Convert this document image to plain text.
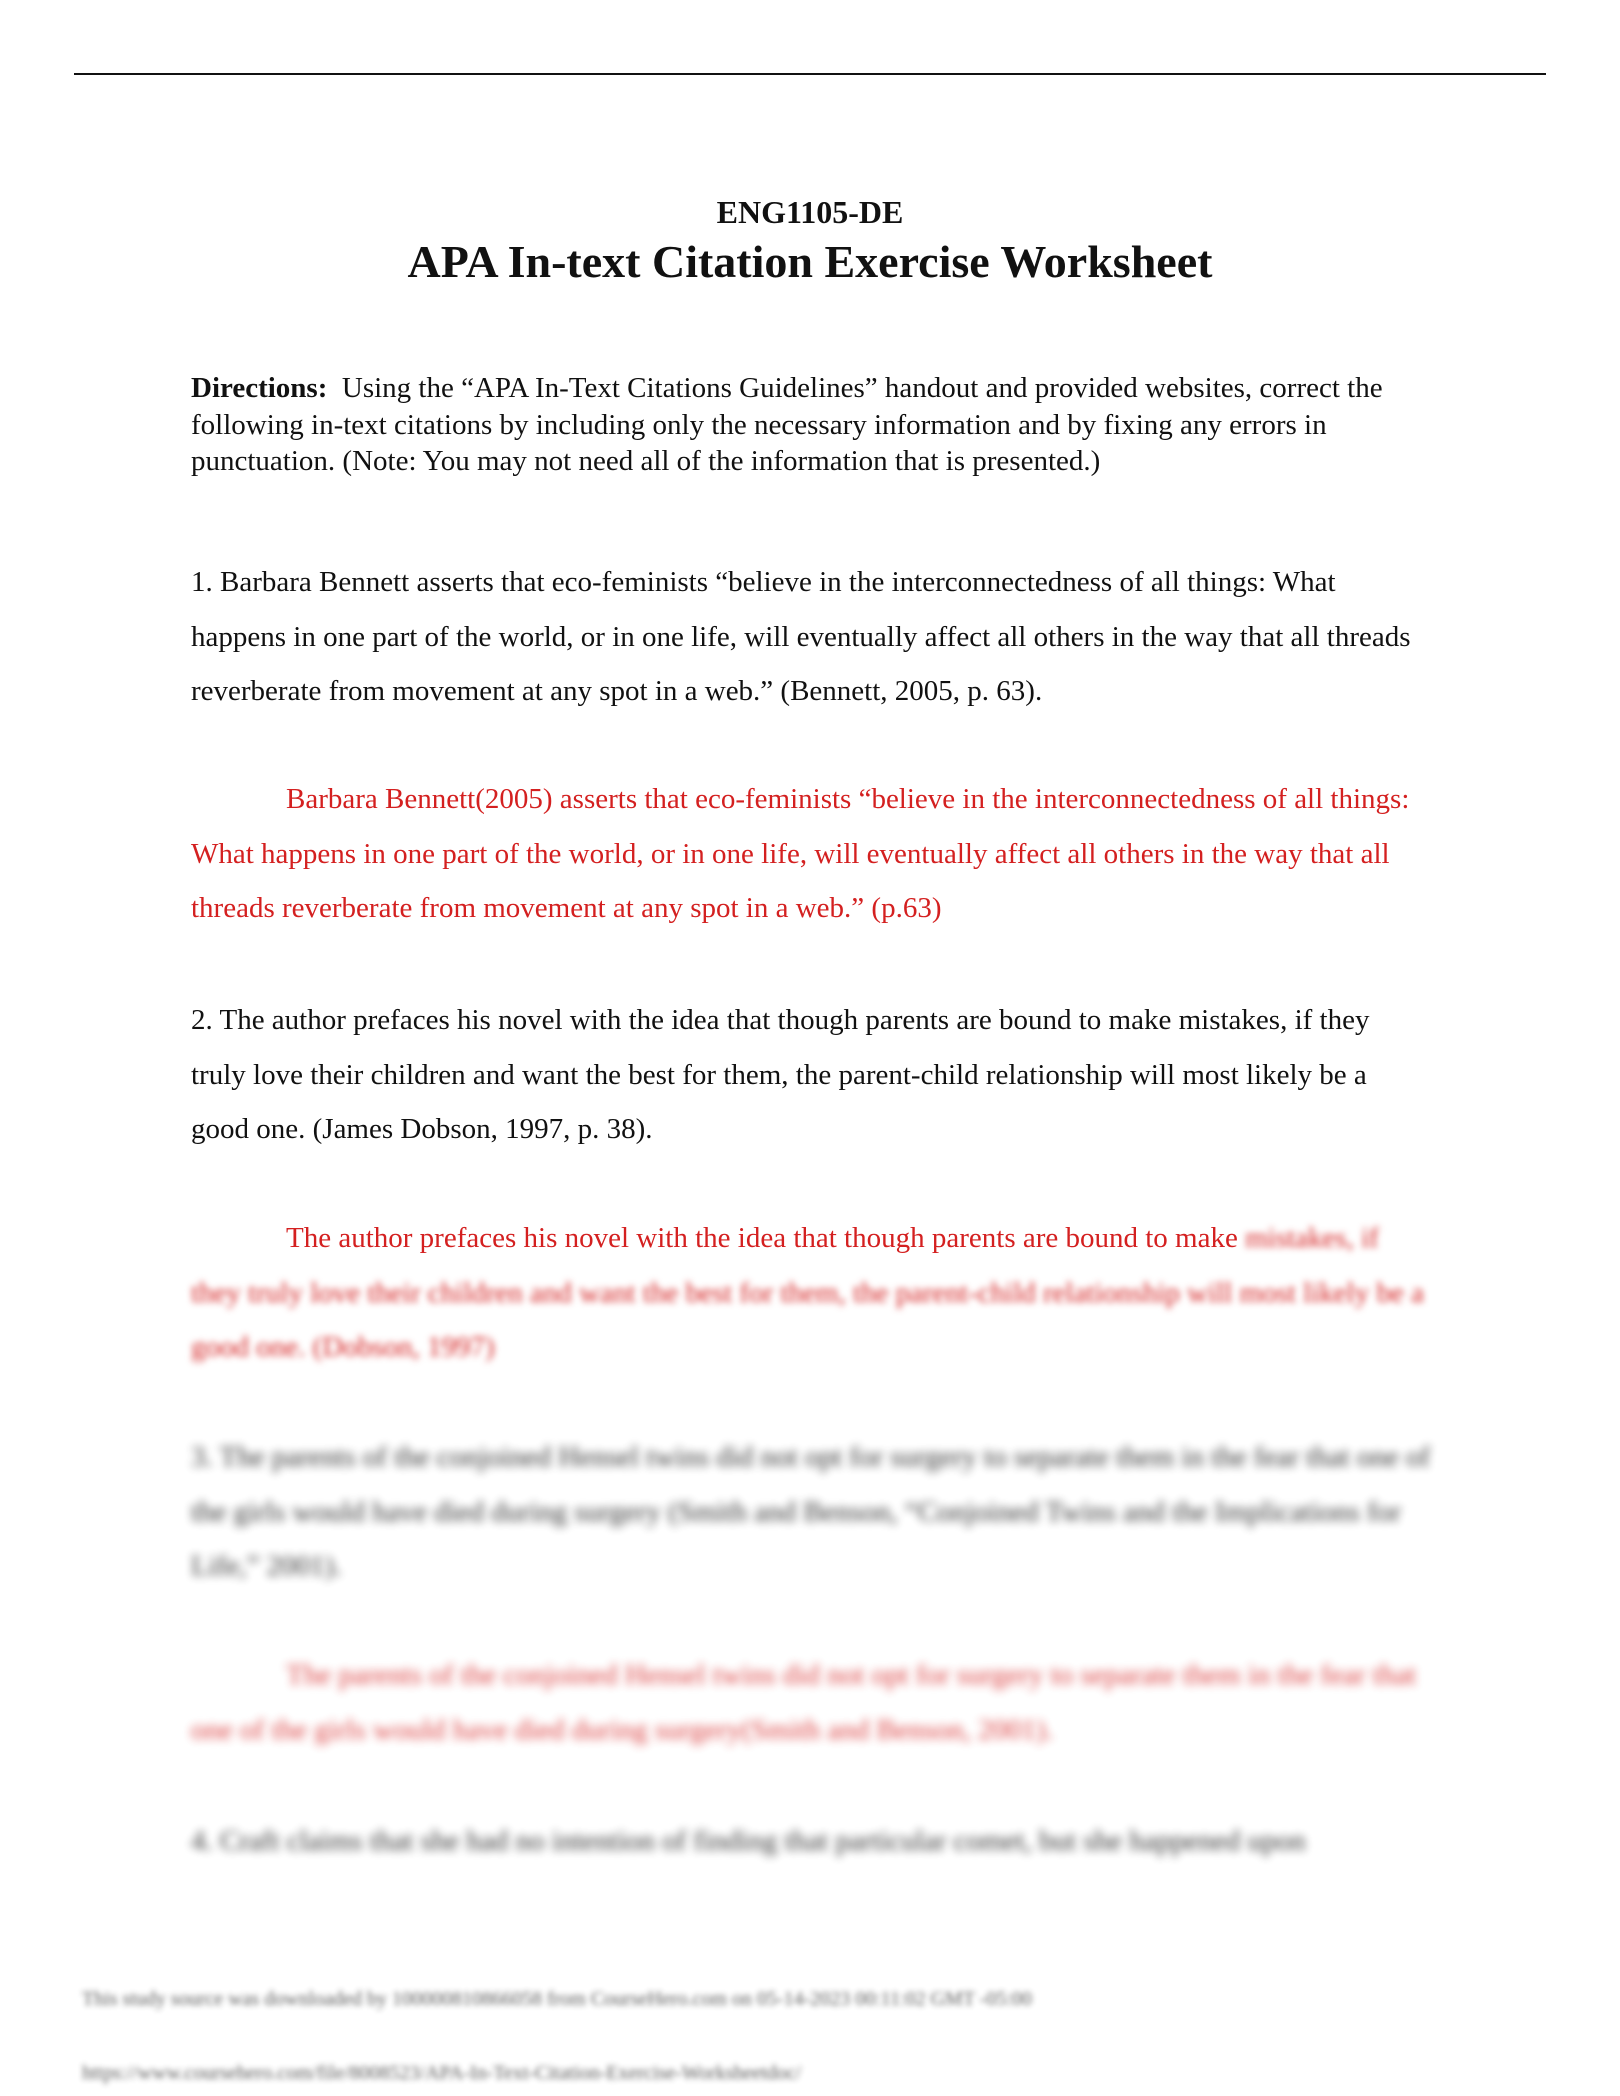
ENG1105-DE
APA In-text Citation Exercise Worksheet

Directions: Using the “APA In-Text Citations Guidelines” handout and provided websites, correct the following in-text citations by including only the necessary information and by fixing any errors in punctuation. (Note: You may not need all of the information that is presented.)

1. Barbara Bennett asserts that eco-feminists “believe in the interconnectedness of all things: What happens in one part of the world, or in one life, will eventually affect all others in the way that all threads reverberate from movement at any spot in a web.” (Bennett, 2005, p. 63).

Barbara Bennett(2005) asserts that eco-feminists “believe in the interconnectedness of all things: What happens in one part of the world, or in one life, will eventually affect all others in the way that all threads reverberate from movement at any spot in a web.” (p.63)

2. The author prefaces his novel with the idea that though parents are bound to make mistakes, if they truly love their children and want the best for them, the parent-child relationship will most likely be a good one. (James Dobson, 1997, p. 38).

The author prefaces his novel with the idea that though parents are bound to make mistakes, if they truly love their children and want the best for them, the parent-child relationship will most likely be a good one. (Dobson, 1997)

3. The parents of the conjoined Hensel twins did not opt for surgery to separate them in the fear that one of the girls would have died during surgery (Smith and Benson, “Conjoined Twins and the Implications for Life,” 2001).

The parents of the conjoined Hensel twins did not opt for surgery to separate them in the fear that one of the girls would have died during surgery(Smith and Benson, 2001).

4. Craft claims that she had no intention of finding that particular comet, but she happened upon

This study source was downloaded by 100000810866058 from CourseHero.com on 05-14-2023 00:11:02 GMT -05:00
https://www.coursehero.com/file/8008523/APA-In-Text-Citation-Exercise-Worksheetdoc/
